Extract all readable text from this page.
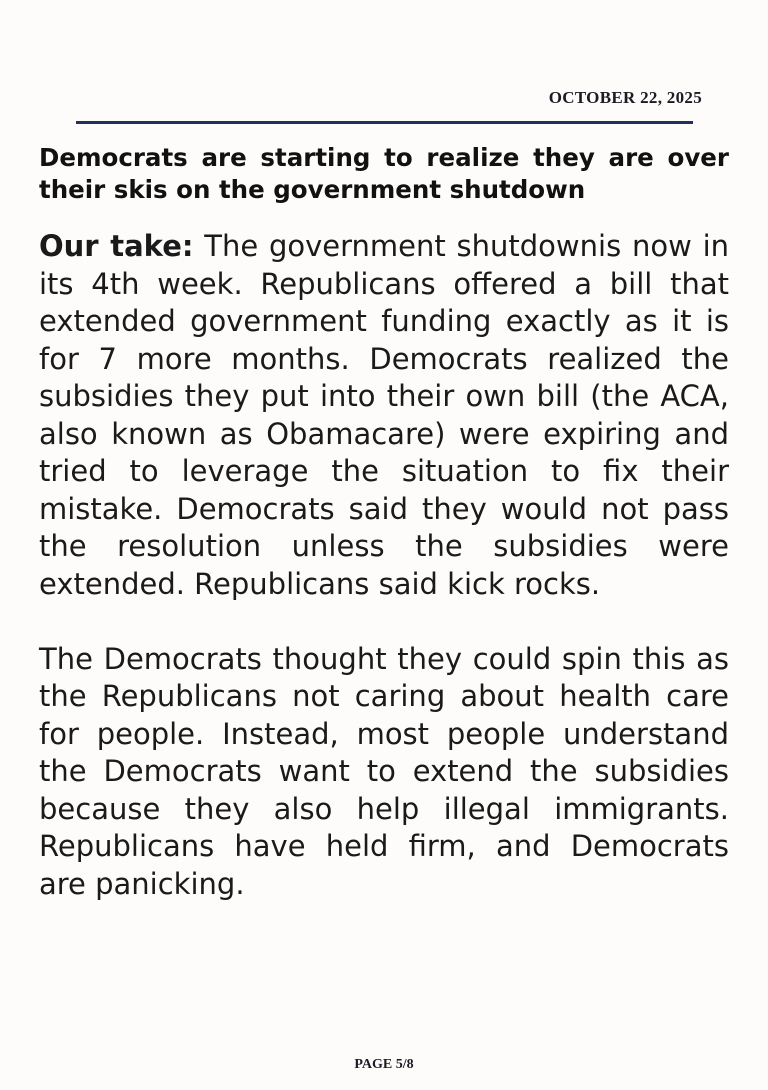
OCTOBER 22, 2025
Democrats are starting to realize they are over their skis on the government shutdown

Our take: The government shutdownis now in its 4th week. Republicans offered a bill that extended government funding exactly as it is for 7 more months. Democrats realized the subsidies they put into their own bill (the ACA, also known as Obamacare) were expiring and tried to leverage the situation to fix their mistake. Democrats said they would not pass the resolution unless the subsidies were extended. Republicans said kick rocks.

The Democrats thought they could spin this as the Republicans not caring about health care for people. Instead, most people understand the Democrats want to extend the subsidies because they also help illegal immigrants. Republicans have held firm, and Democrats are panicking.

PAGE 5/8
